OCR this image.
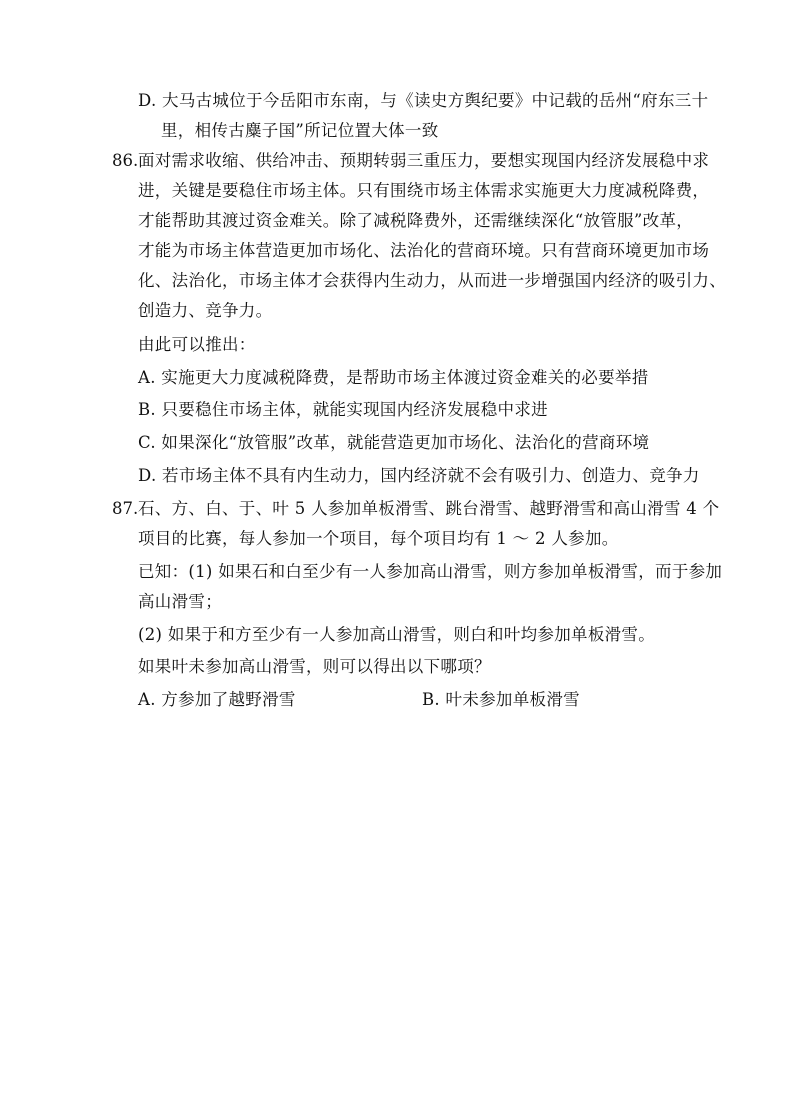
D. 大马古城位于今岳阳市东南，与《读史方舆纪要》中记载的岳州“府东三十
里，相传古麋子国”所记位置大体一致
86. 面对需求收缩、供给冲击、预期转弱三重压力，要想实现国内经济发展稳中求
进，关键是要稳住市场主体。只有围绕市场主体需求实施更大力度减税降费，
才能帮助其渡过资金难关。除了减税降费外，还需继续深化“放管服”改革，
才能为市场主体营造更加市场化、法治化的营商环境。只有营商环境更加市场
化、法治化，市场主体才会获得内生动力，从而进一步增强国内经济的吸引力、
创造力、竞争力。
由此可以推出：
A. 实施更大力度减税降费，是帮助市场主体渡过资金难关的必要举措
B. 只要稳住市场主体，就能实现国内经济发展稳中求进
C. 如果深化“放管服”改革，就能营造更加市场化、法治化的营商环境
D. 若市场主体不具有内生动力，国内经济就不会有吸引力、创造力、竞争力
87. 石、方、白、于、叶 5 人参加单板滑雪、跳台滑雪、越野滑雪和高山滑雪 4 个
项目的比赛，每人参加一个项目，每个项目均有 1 ～ 2 人参加。
已知：(1) 如果石和白至少有一人参加高山滑雪，则方参加单板滑雪，而于参加
高山滑雪；
(2) 如果于和方至少有一人参加高山滑雪，则白和叶均参加单板滑雪。
如果叶未参加高山滑雪，则可以得出以下哪项？
A. 方参加了越野滑雪	B. 叶未参加单板滑雪
